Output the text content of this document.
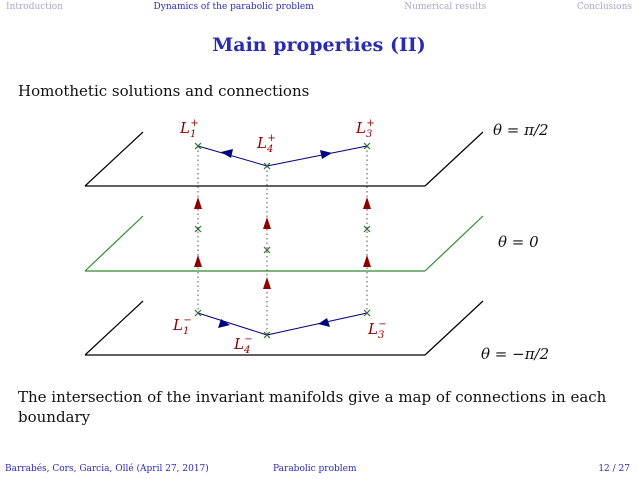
Introduction	Dynamics of the parabolic problem	Numerical results	Conclusions
Main properties (II)
Homothetic solutions and connections
$L_1+$
$L_4+$
$L_3+$
$L_1-$
$L_4-$
$L_3-$
θ = π/2
θ = 0
θ = −π/2
The intersection of the invariant manifolds give a map of connections in each boundary
Barrabés, Cors, Garcia, Ollé (April 27, 2017)	Parabolic problem	12 / 27
